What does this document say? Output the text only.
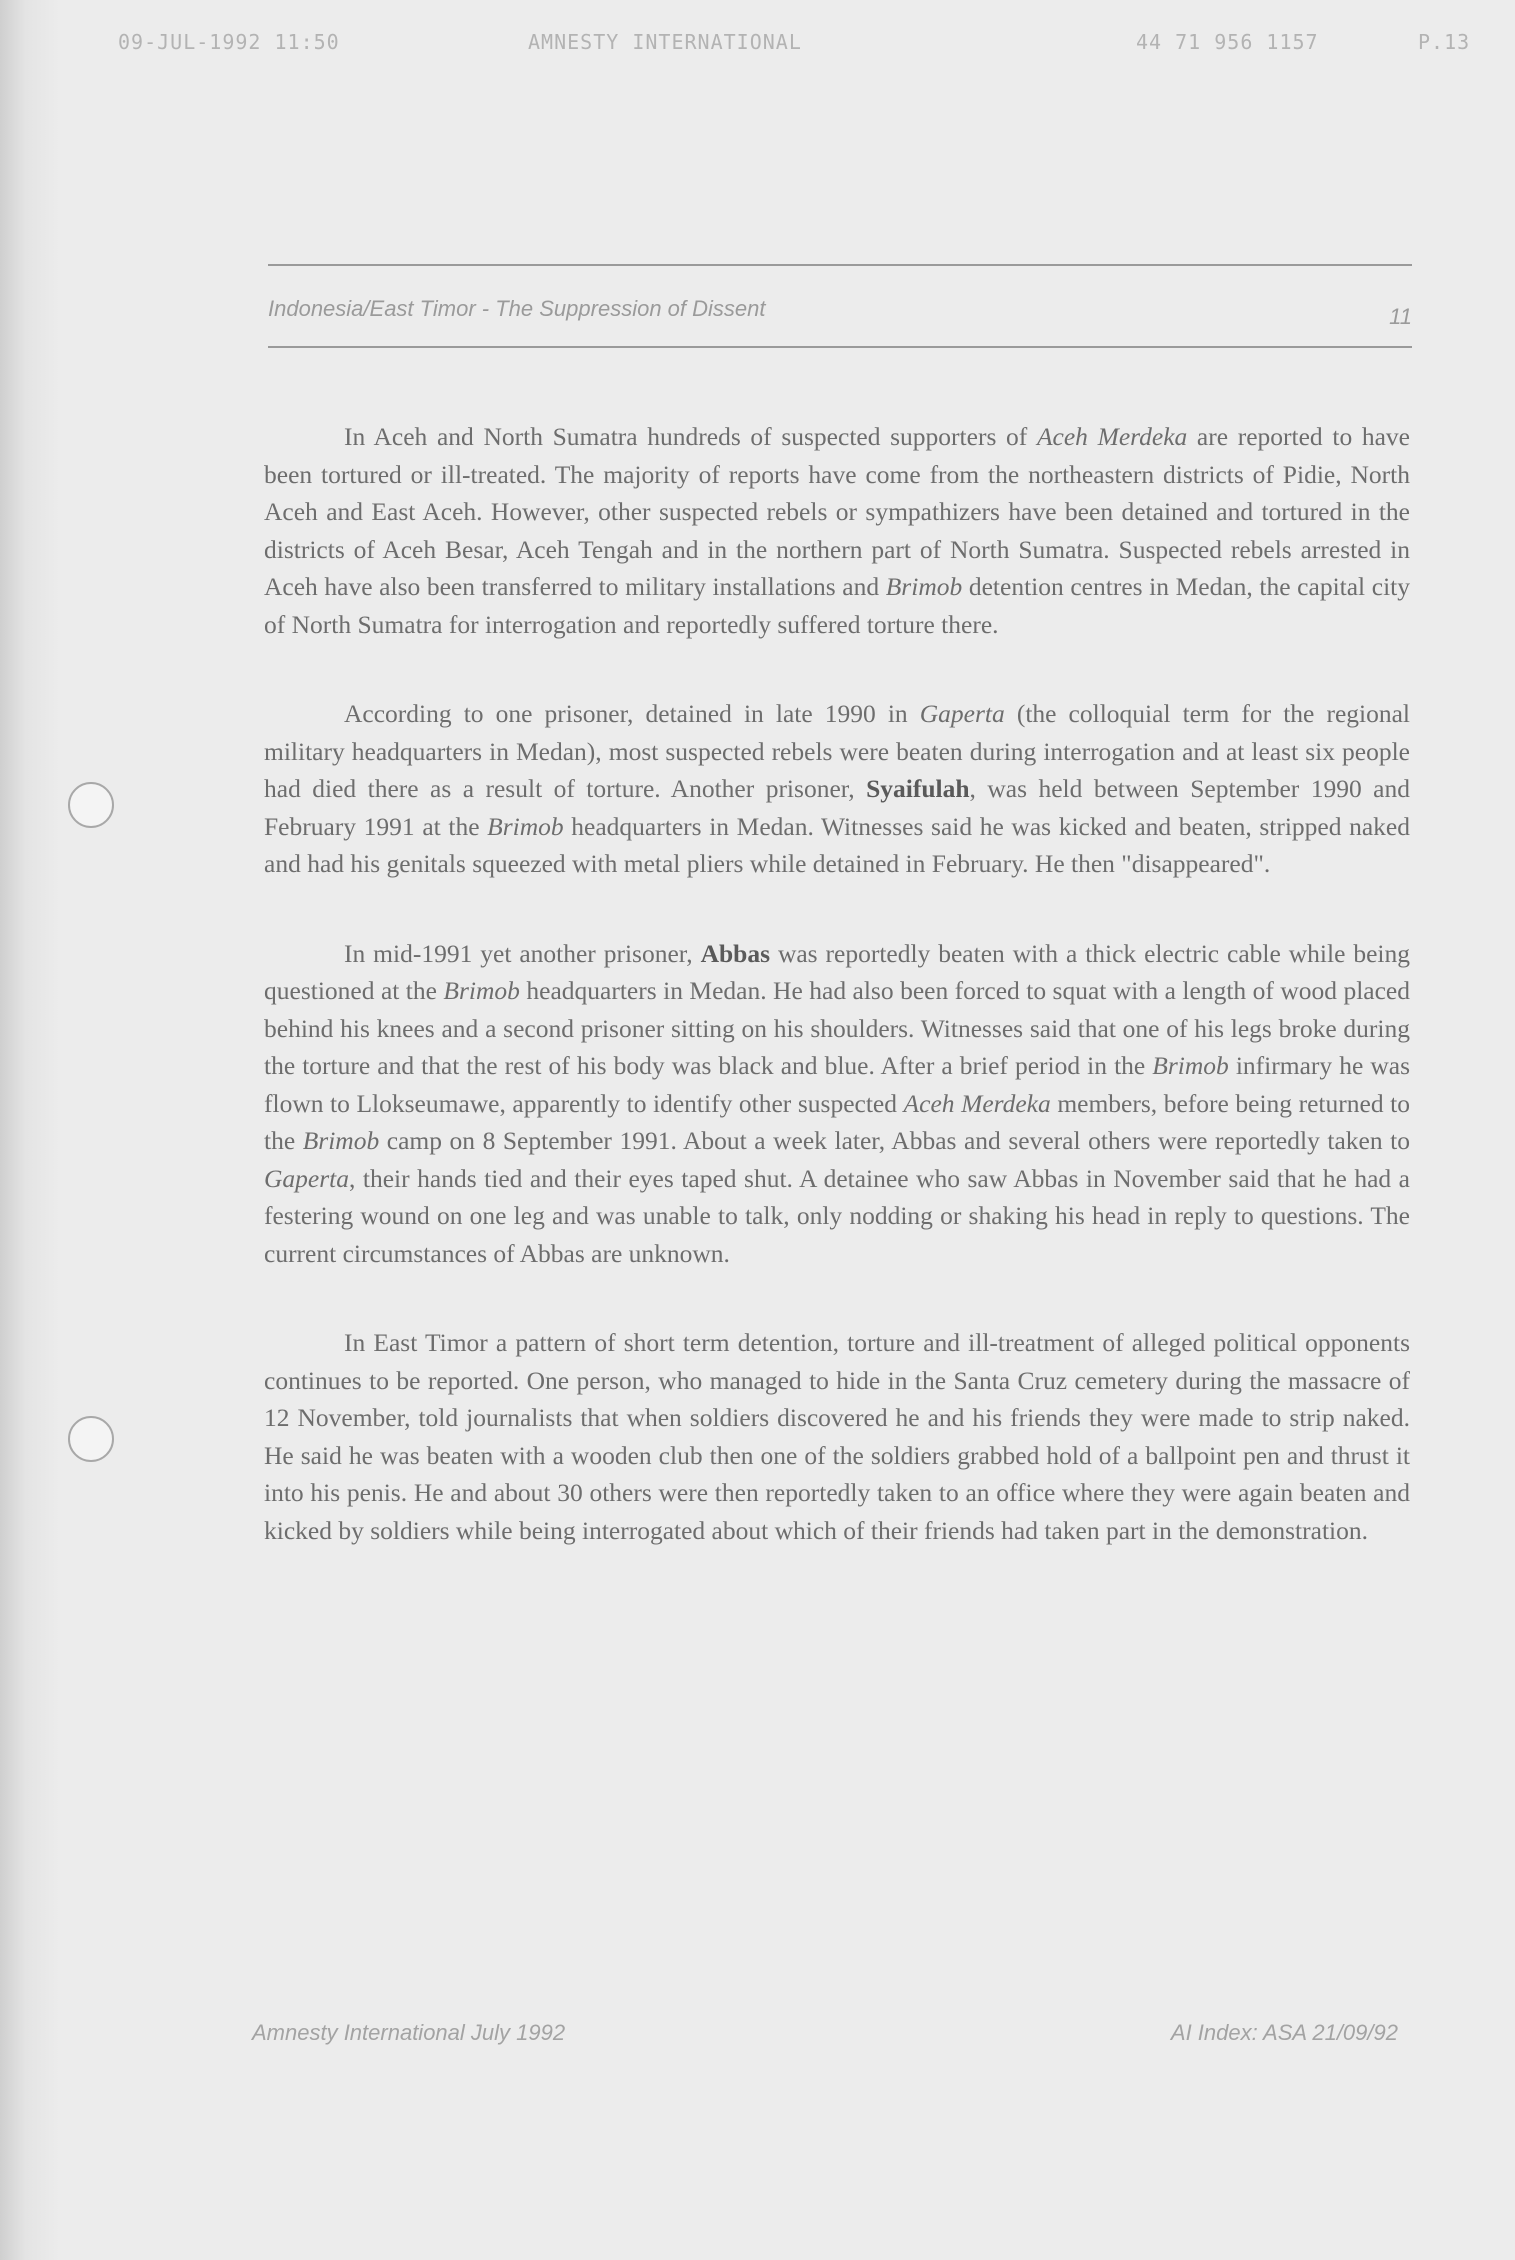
09-JUL-1992 11:50	AMNESTY INTERNATIONAL	44 71 956 1157	P.13
Indonesia/East Timor - The Suppression of Dissent	11

In Aceh and North Sumatra hundreds of suspected supporters of Aceh Merdeka are reported to have been tortured or ill-treated. The majority of reports have come from the northeastern districts of Pidie, North Aceh and East Aceh. However, other suspected rebels or sympathizers have been detained and tortured in the districts of Aceh Besar, Aceh Tengah and in the northern part of North Sumatra. Suspected rebels arrested in Aceh have also been transferred to military installations and Brimob detention centres in Medan, the capital city of North Sumatra for interrogation and reportedly suffered torture there.

According to one prisoner, detained in late 1990 in Gaperta (the colloquial term for the regional military headquarters in Medan), most suspected rebels were beaten during interrogation and at least six people had died there as a result of torture. Another prisoner, Syaifulah, was held between September 1990 and February 1991 at the Brimob headquarters in Medan. Witnesses said he was kicked and beaten, stripped naked and had his genitals squeezed with metal pliers while detained in February. He then "disappeared".

In mid-1991 yet another prisoner, Abbas was reportedly beaten with a thick electric cable while being questioned at the Brimob headquarters in Medan. He had also been forced to squat with a length of wood placed behind his knees and a second prisoner sitting on his shoulders. Witnesses said that one of his legs broke during the torture and that the rest of his body was black and blue. After a brief period in the Brimob infirmary he was flown to Llokseumawe, apparently to identify other suspected Aceh Merdeka members, before being returned to the Brimob camp on 8 September 1991. About a week later, Abbas and several others were reportedly taken to Gaperta, their hands tied and their eyes taped shut. A detainee who saw Abbas in November said that he had a festering wound on one leg and was unable to talk, only nodding or shaking his head in reply to questions. The current circumstances of Abbas are unknown.

In East Timor a pattern of short term detention, torture and ill-treatment of alleged political opponents continues to be reported. One person, who managed to hide in the Santa Cruz cemetery during the massacre of 12 November, told journalists that when soldiers discovered he and his friends they were made to strip naked. He said he was beaten with a wooden club then one of the soldiers grabbed hold of a ballpoint pen and thrust it into his penis. He and about 30 others were then reportedly taken to an office where they were again beaten and kicked by soldiers while being interrogated about which of their friends had taken part in the demonstration.

Amnesty International July 1992	AI Index: ASA 21/09/92
